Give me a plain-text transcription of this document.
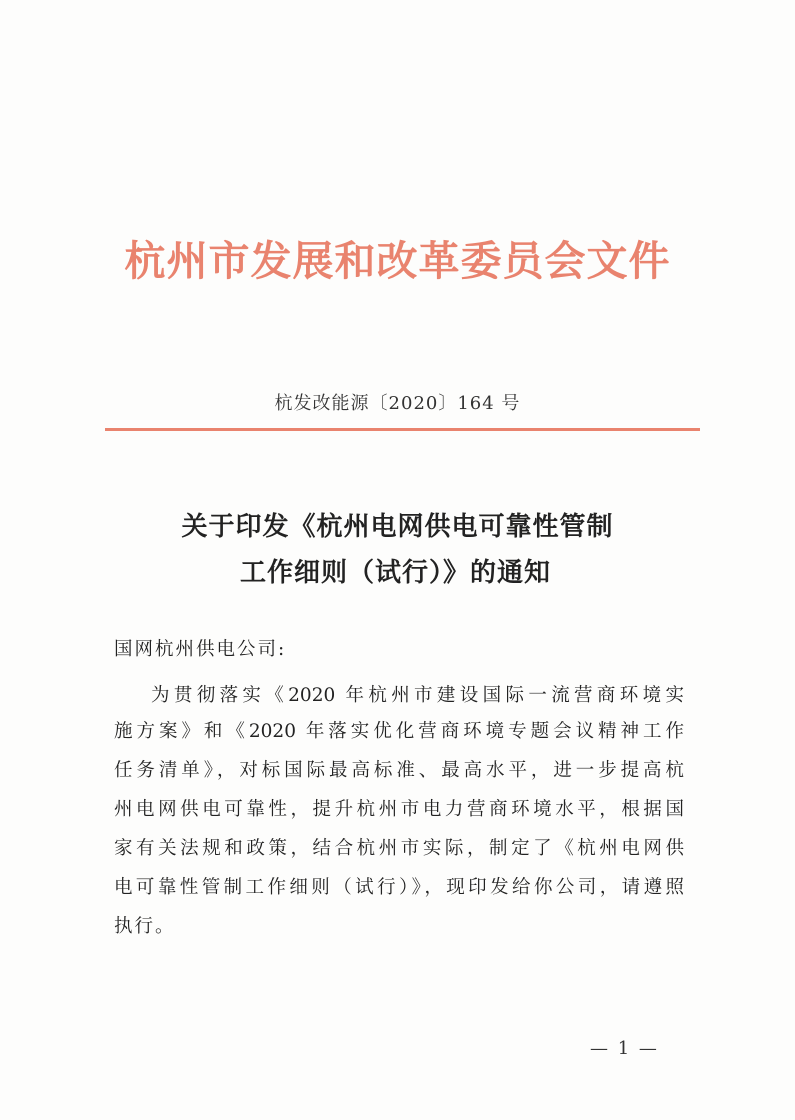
杭州市发展和改革委员会文件
杭发改能源〔2020〕164 号
关于印发《杭州电网供电可靠性管制
工作细则（试行）》的通知
国网杭州供电公司:
为贯彻落实《2020 年杭州市建设国际一流营商环境实
施方案》和《2020 年落实优化营商环境专题会议精神工作
任务清单》，对标国际最高标准、最高水平，进一步提高杭
州电网供电可靠性，提升杭州市电力营商环境水平，根据国
家有关法规和政策，结合杭州市实际，制定了《杭州电网供
电可靠性管制工作细则（试行）》，现印发给你公司，请遵照
执行。
— 1 —
